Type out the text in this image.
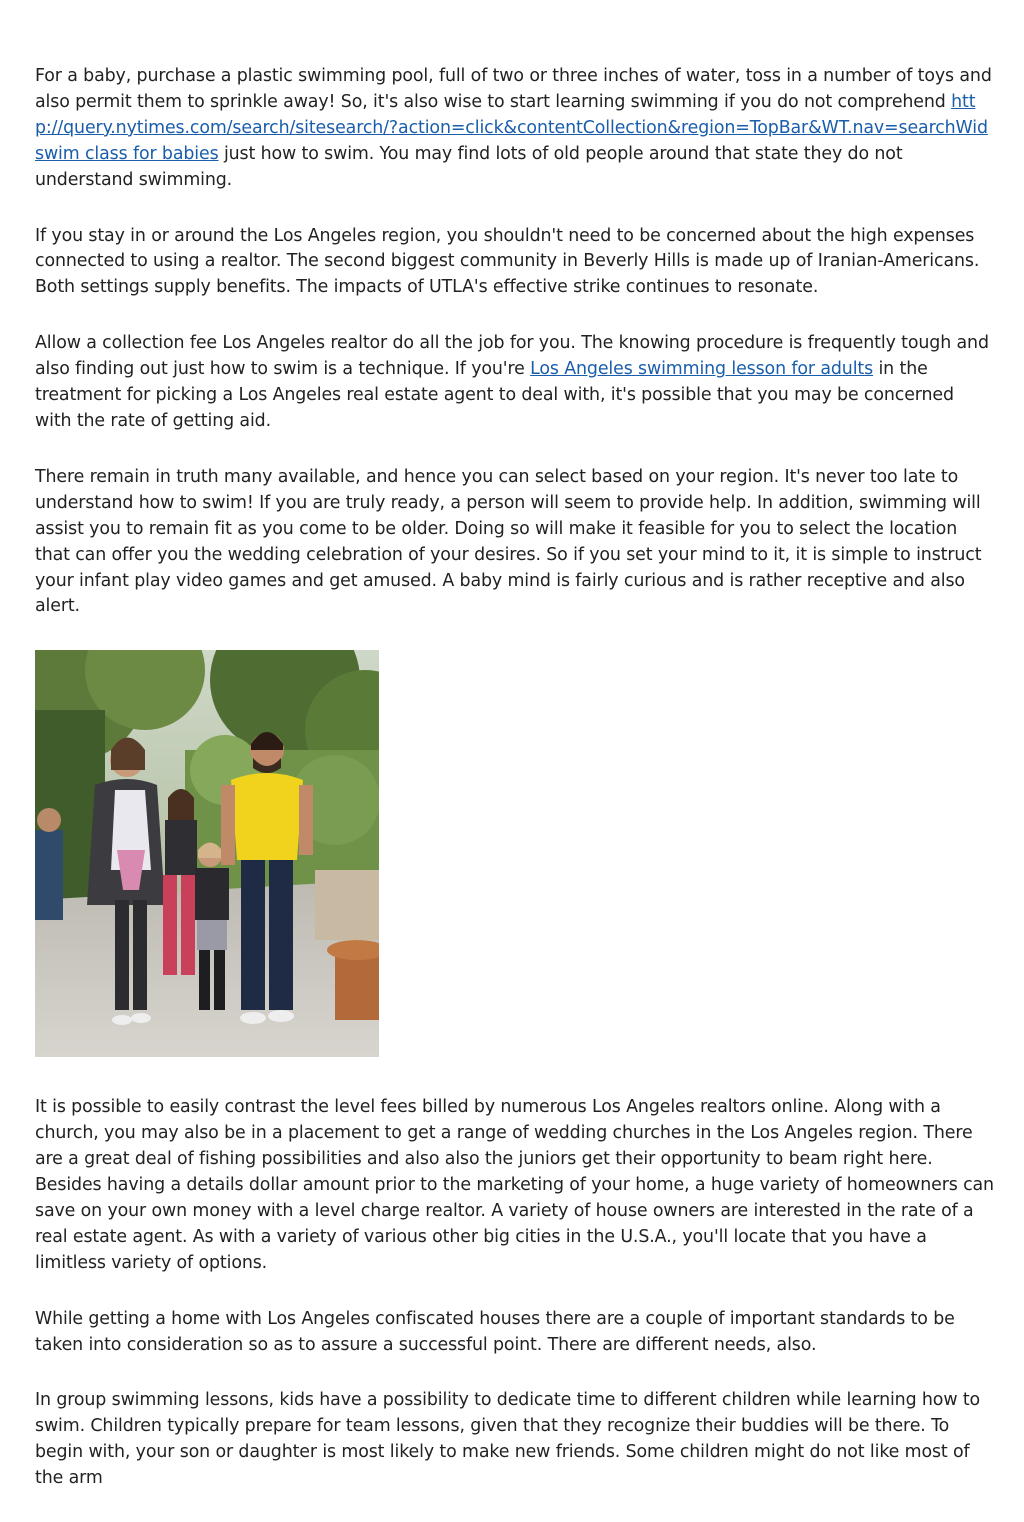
For a baby, purchase a plastic swimming pool, full of two or three inches of water, toss in a number of toys and also permit them to sprinkle away! So, it's also wise to start learning swimming if you do not comprehend http://query.nytimes.com/search/sitesearch/?action=click&contentCollection&region=TopBar&WT.nav=searchWid
swim class for babies just how to swim. You may find lots of old people around that state they do not understand swimming.

If you stay in or around the Los Angeles region, you shouldn't need to be concerned about the high expenses connected to using a realtor. The second biggest community in Beverly Hills is made up of Iranian-Americans. Both settings supply benefits. The impacts of UTLA's effective strike continues to resonate.

Allow a collection fee Los Angeles realtor do all the job for you. The knowing procedure is frequently tough and also finding out just how to swim is a technique. If you're Los Angeles swimming lesson for adults in the treatment for picking a Los Angeles real estate agent to deal with, it's possible that you may be concerned with the rate of getting aid.

There remain in truth many available, and hence you can select based on your region. It's never too late to understand how to swim! If you are truly ready, a person will seem to provide help. In addition, swimming will assist you to remain fit as you come to be older. Doing so will make it feasible for you to select the location that can offer you the wedding celebration of your desires. So if you set your mind to it, it is simple to instruct your infant play video games and get amused. A baby mind is fairly curious and is rather receptive and also alert.

It is possible to easily contrast the level fees billed by numerous Los Angeles realtors online. Along with a church, you may also be in a placement to get a range of wedding churches in the Los Angeles region. There are a great deal of fishing possibilities and also also the juniors get their opportunity to beam right here. Besides having a details dollar amount prior to the marketing of your home, a huge variety of homeowners can save on your own money with a level charge realtor. A variety of house owners are interested in the rate of a real estate agent. As with a variety of various other big cities in the U.S.A., you'll locate that you have a limitless variety of options.

While getting a home with Los Angeles confiscated houses there are a couple of important standards to be taken into consideration so as to assure a successful point. There are different needs, also.

In group swimming lessons, kids have a possibility to dedicate time to different children while learning how to swim. Children typically prepare for team lessons, given that they recognize their buddies will be there. To begin with, your son or daughter is most likely to make new friends. Some children might do not like most of the arm
